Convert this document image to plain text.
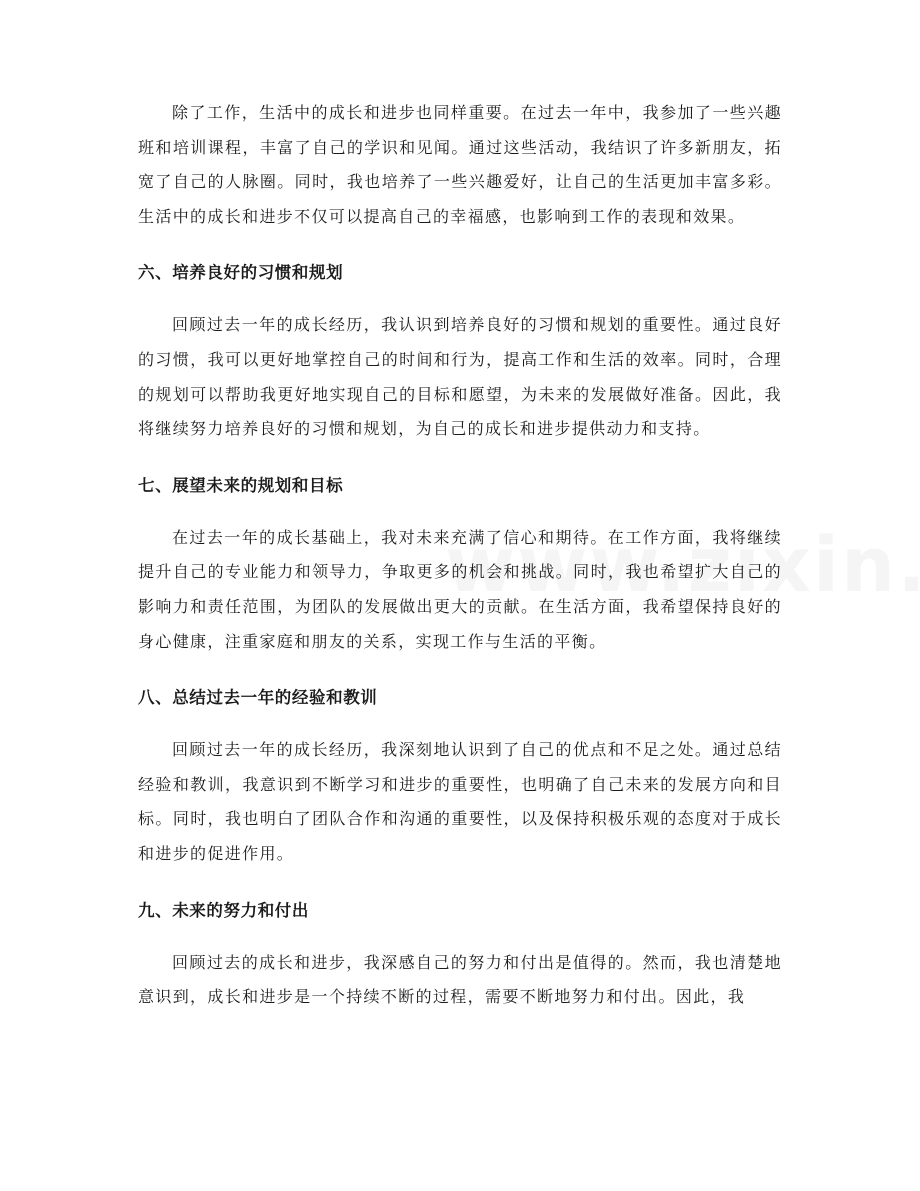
除了工作，生活中的成长和进步也同样重要。在过去一年中，我参加了一些兴趣班和培训课程，丰富了自己的学识和见闻。通过这些活动，我结识了许多新朋友，拓宽了自己的人脉圈。同时，我也培养了一些兴趣爱好，让自己的生活更加丰富多彩。生活中的成长和进步不仅可以提高自己的幸福感，也影响到工作的表现和效果。

六、培养良好的习惯和规划

回顾过去一年的成长经历，我认识到培养良好的习惯和规划的重要性。通过良好的习惯，我可以更好地掌控自己的时间和行为，提高工作和生活的效率。同时，合理的规划可以帮助我更好地实现自己的目标和愿望，为未来的发展做好准备。因此，我将继续努力培养良好的习惯和规划，为自己的成长和进步提供动力和支持。

七、展望未来的规划和目标

在过去一年的成长基础上，我对未来充满了信心和期待。在工作方面，我将继续提升自己的专业能力和领导力，争取更多的机会和挑战。同时，我也希望扩大自己的影响力和责任范围，为团队的发展做出更大的贡献。在生活方面，我希望保持良好的身心健康，注重家庭和朋友的关系，实现工作与生活的平衡。

八、总结过去一年的经验和教训

回顾过去一年的成长经历，我深刻地认识到了自己的优点和不足之处。通过总结经验和教训，我意识到不断学习和进步的重要性，也明确了自己未来的发展方向和目标。同时，我也明白了团队合作和沟通的重要性，以及保持积极乐观的态度对于成长和进步的促进作用。

九、未来的努力和付出

回顾过去的成长和进步，我深感自己的努力和付出是值得的。然而，我也清楚地意识到，成长和进步是一个持续不断的过程，需要不断地努力和付出。因此，我
